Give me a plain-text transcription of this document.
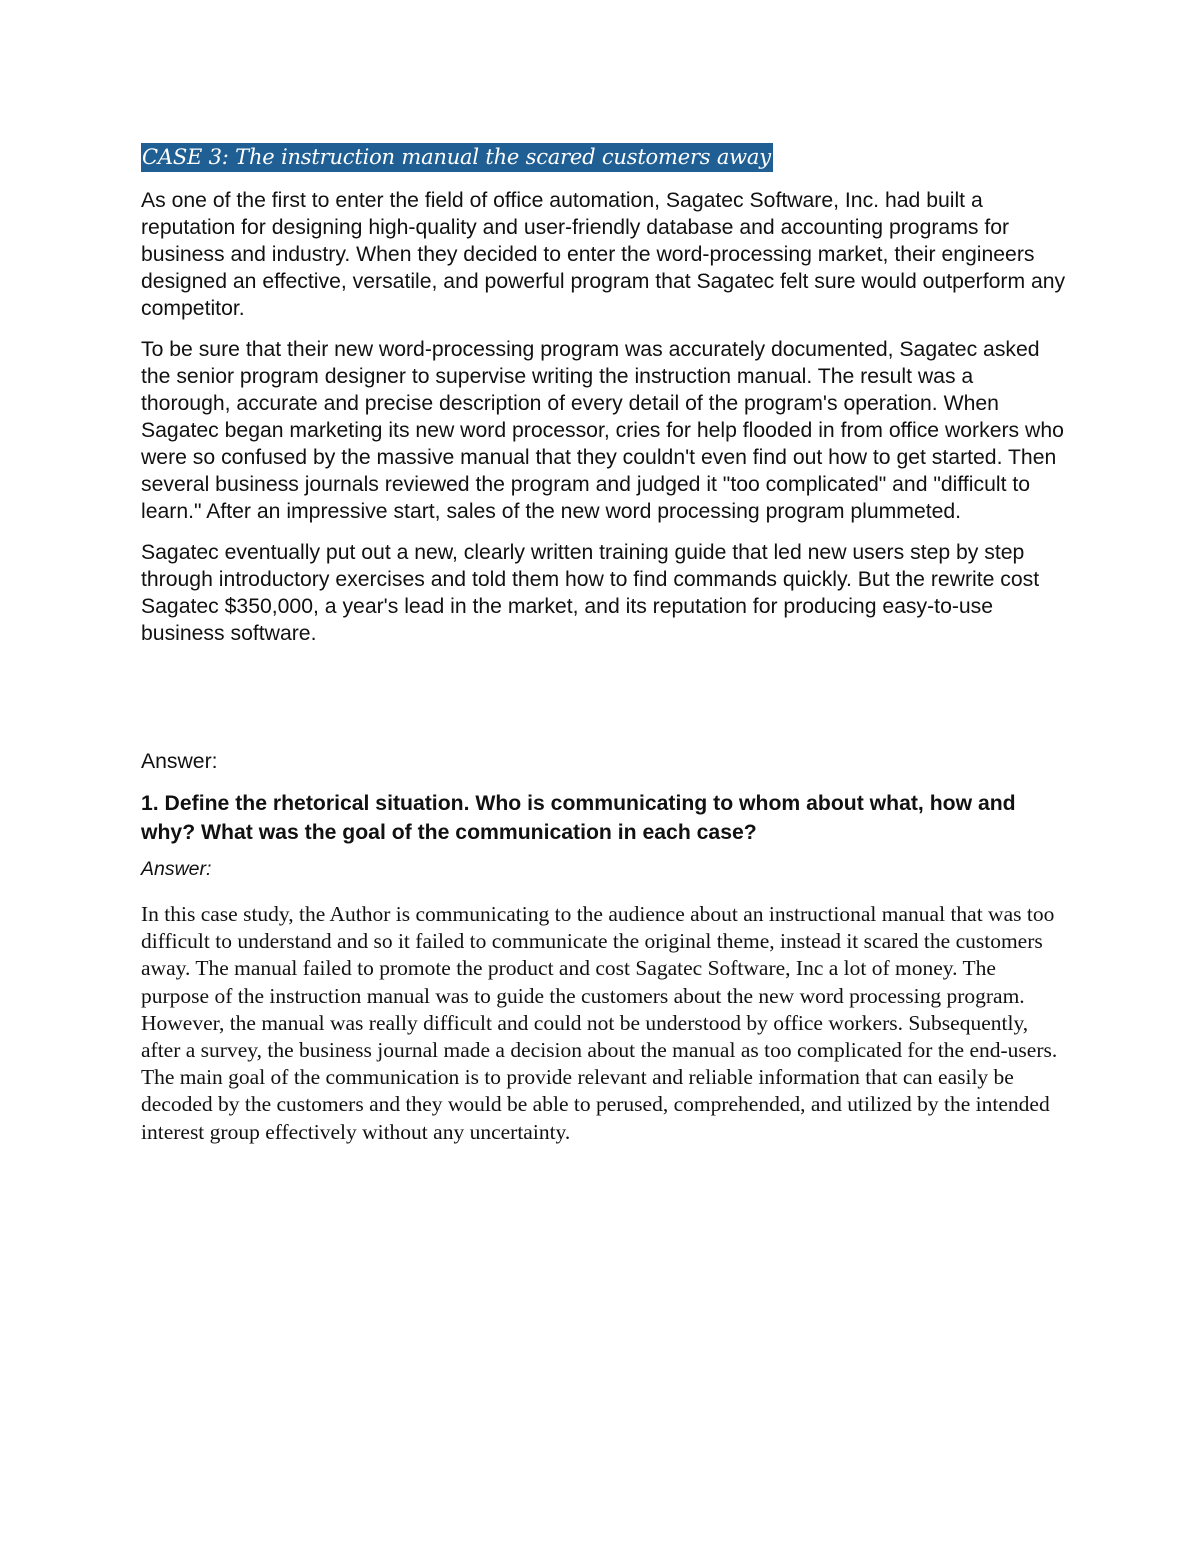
CASE 3: The instruction manual the scared customers away

As one of the first to enter the field of office automation, Sagatec Software, Inc. had built a reputation for designing high-quality and user-friendly database and accounting programs for business and industry. When they decided to enter the word-processing market, their engineers designed an effective, versatile, and powerful program that Sagatec felt sure would outperform any competitor.

To be sure that their new word-processing program was accurately documented, Sagatec asked the senior program designer to supervise writing the instruction manual. The result was a thorough, accurate and precise description of every detail of the program's operation. When Sagatec began marketing its new word processor, cries for help flooded in from office workers who were so confused by the massive manual that they couldn't even find out how to get started. Then several business journals reviewed the program and judged it "too complicated" and "difficult to learn." After an impressive start, sales of the new word processing program plummeted.

Sagatec eventually put out a new, clearly written training guide that led new users step by step through introductory exercises and told them how to find commands quickly. But the rewrite cost Sagatec $350,000, a year's lead in the market, and its reputation for producing easy-to-use business software.

Answer:

1. Define the rhetorical situation. Who is communicating to whom about what, how and why? What was the goal of the communication in each case?

Answer:

In this case study, the Author is communicating to the audience about an instructional manual that was too difficult to understand and so it failed to communicate the original theme, instead it scared the customers away. The manual failed to promote the product and cost Sagatec Software, Inc a lot of money. The purpose of the instruction manual was to guide the customers about the new word processing program. However, the manual was really difficult and could not be understood by office workers. Subsequently, after a survey, the business journal made a decision about the manual as too complicated for the end-users. The main goal of the communication is to provide relevant and reliable information that can easily be decoded by the customers and they would be able to perused, comprehended, and utilized by the intended interest group effectively without any uncertainty.
